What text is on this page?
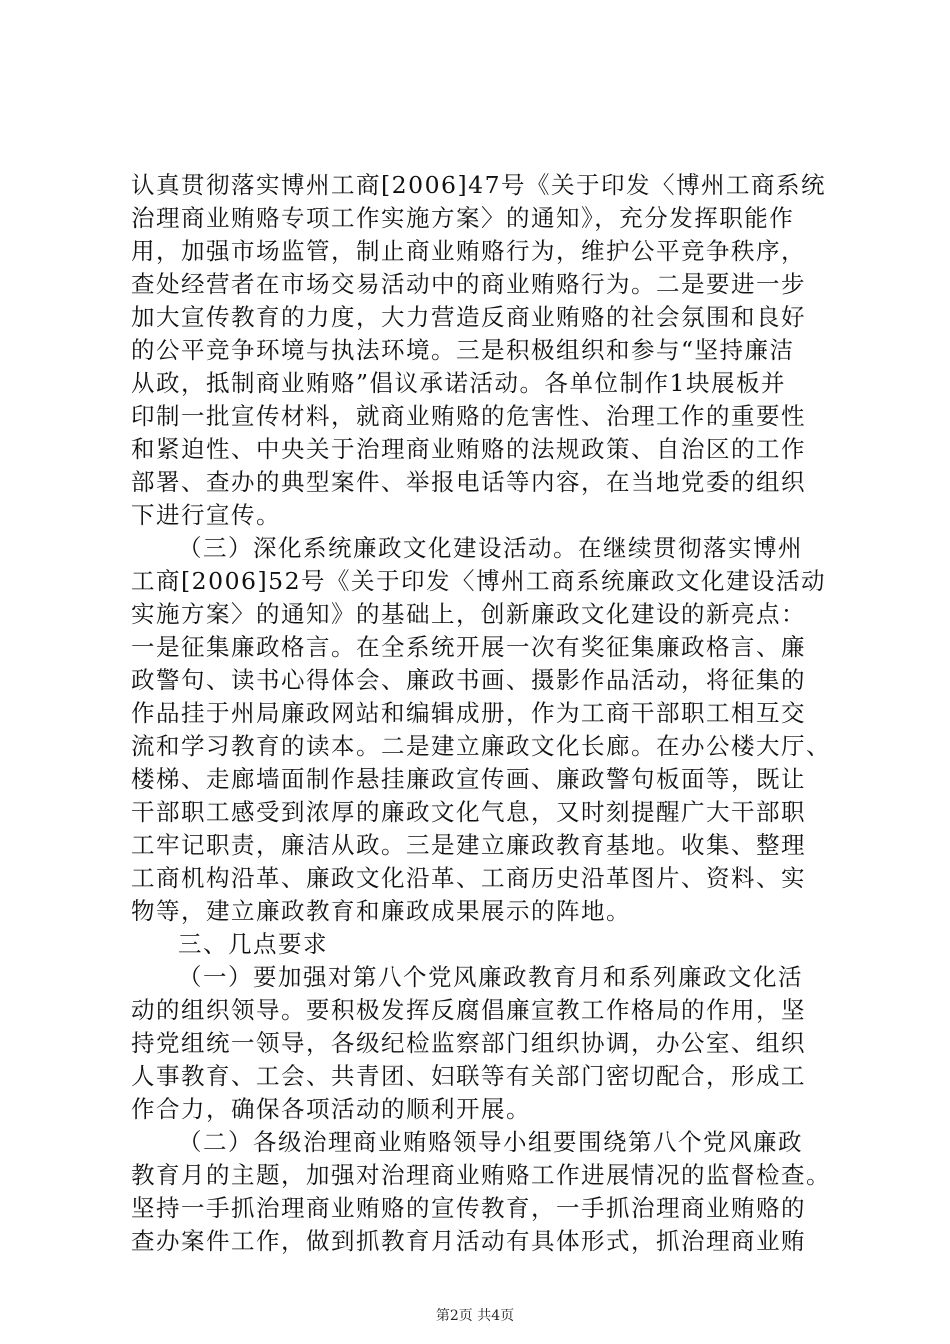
认真贯彻落实博州工商[2006]47号《关于印发〈博州工商系统
治理商业贿赂专项工作实施方案〉的通知》，充分发挥职能作
用，加强市场监管，制止商业贿赂行为，维护公平竞争秩序，
查处经营者在市场交易活动中的商业贿赂行为。二是要进一步
加大宣传教育的力度，大力营造反商业贿赂的社会氛围和良好
的公平竞争环境与执法环境。三是积极组织和参与“坚持廉洁
从政，抵制商业贿赂”倡议承诺活动。各单位制作1块展板并
印制一批宣传材料，就商业贿赂的危害性、治理工作的重要性
和紧迫性、中央关于治理商业贿赂的法规政策、自治区的工作
部署、查办的典型案件、举报电话等内容，在当地党委的组织
下进行宣传。
（三）深化系统廉政文化建设活动。在继续贯彻落实博州
工商[2006]52号《关于印发〈博州工商系统廉政文化建设活动
实施方案〉的通知》的基础上，创新廉政文化建设的新亮点：
一是征集廉政格言。在全系统开展一次有奖征集廉政格言、廉
政警句、读书心得体会、廉政书画、摄影作品活动，将征集的
作品挂于州局廉政网站和编辑成册，作为工商干部职工相互交
流和学习教育的读本。二是建立廉政文化长廊。在办公楼大厅、
楼梯、走廊墙面制作悬挂廉政宣传画、廉政警句板面等，既让
干部职工感受到浓厚的廉政文化气息，又时刻提醒广大干部职
工牢记职责，廉洁从政。三是建立廉政教育基地。收集、整理
工商机构沿革、廉政文化沿革、工商历史沿革图片、资料、实
物等，建立廉政教育和廉政成果展示的阵地。
三、几点要求
（一）要加强对第八个党风廉政教育月和系列廉政文化活
动的组织领导。要积极发挥反腐倡廉宣教工作格局的作用，坚
持党组统一领导，各级纪检监察部门组织协调，办公室、组织
人事教育、工会、共青团、妇联等有关部门密切配合，形成工
作合力，确保各项活动的顺利开展。
（二）各级治理商业贿赂领导小组要围绕第八个党风廉政
教育月的主题，加强对治理商业贿赂工作进展情况的监督检查。
坚持一手抓治理商业贿赂的宣传教育，一手抓治理商业贿赂的
查办案件工作，做到抓教育月活动有具体形式，抓治理商业贿
第2页 共4页
